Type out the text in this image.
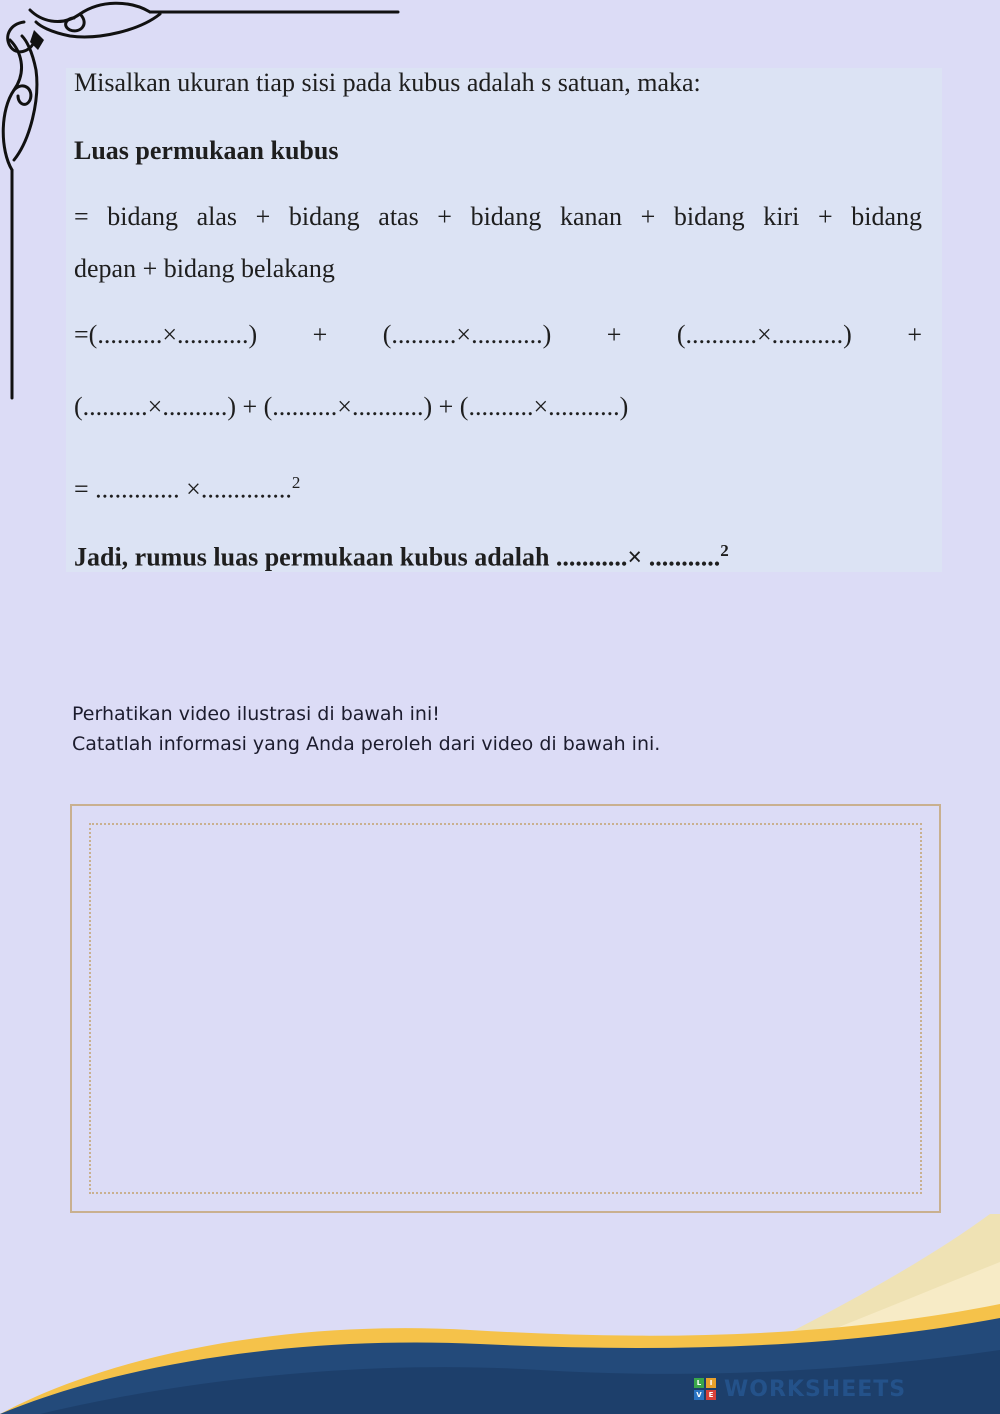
Misalkan ukuran tiap sisi pada kubus adalah s satuan, maka:
Luas permukaan kubus
= bidang alas + bidang atas + bidang kanan + bidang kiri + bidang
depan + bidang belakang
=(..........×...........) + (..........×...........) + (...........×...........) +
(..........×..........) + (..........×...........) + (..........×...........)
= ............. ×..............$^2$
Jadi, rumus luas permukaan kubus adalah ...........× ...........$^2$
Perhatikan video ilustrasi di bawah ini!
Catatlah informasi yang Anda peroleh dari video di bawah ini.
L	I
V E WORKSHEETS
